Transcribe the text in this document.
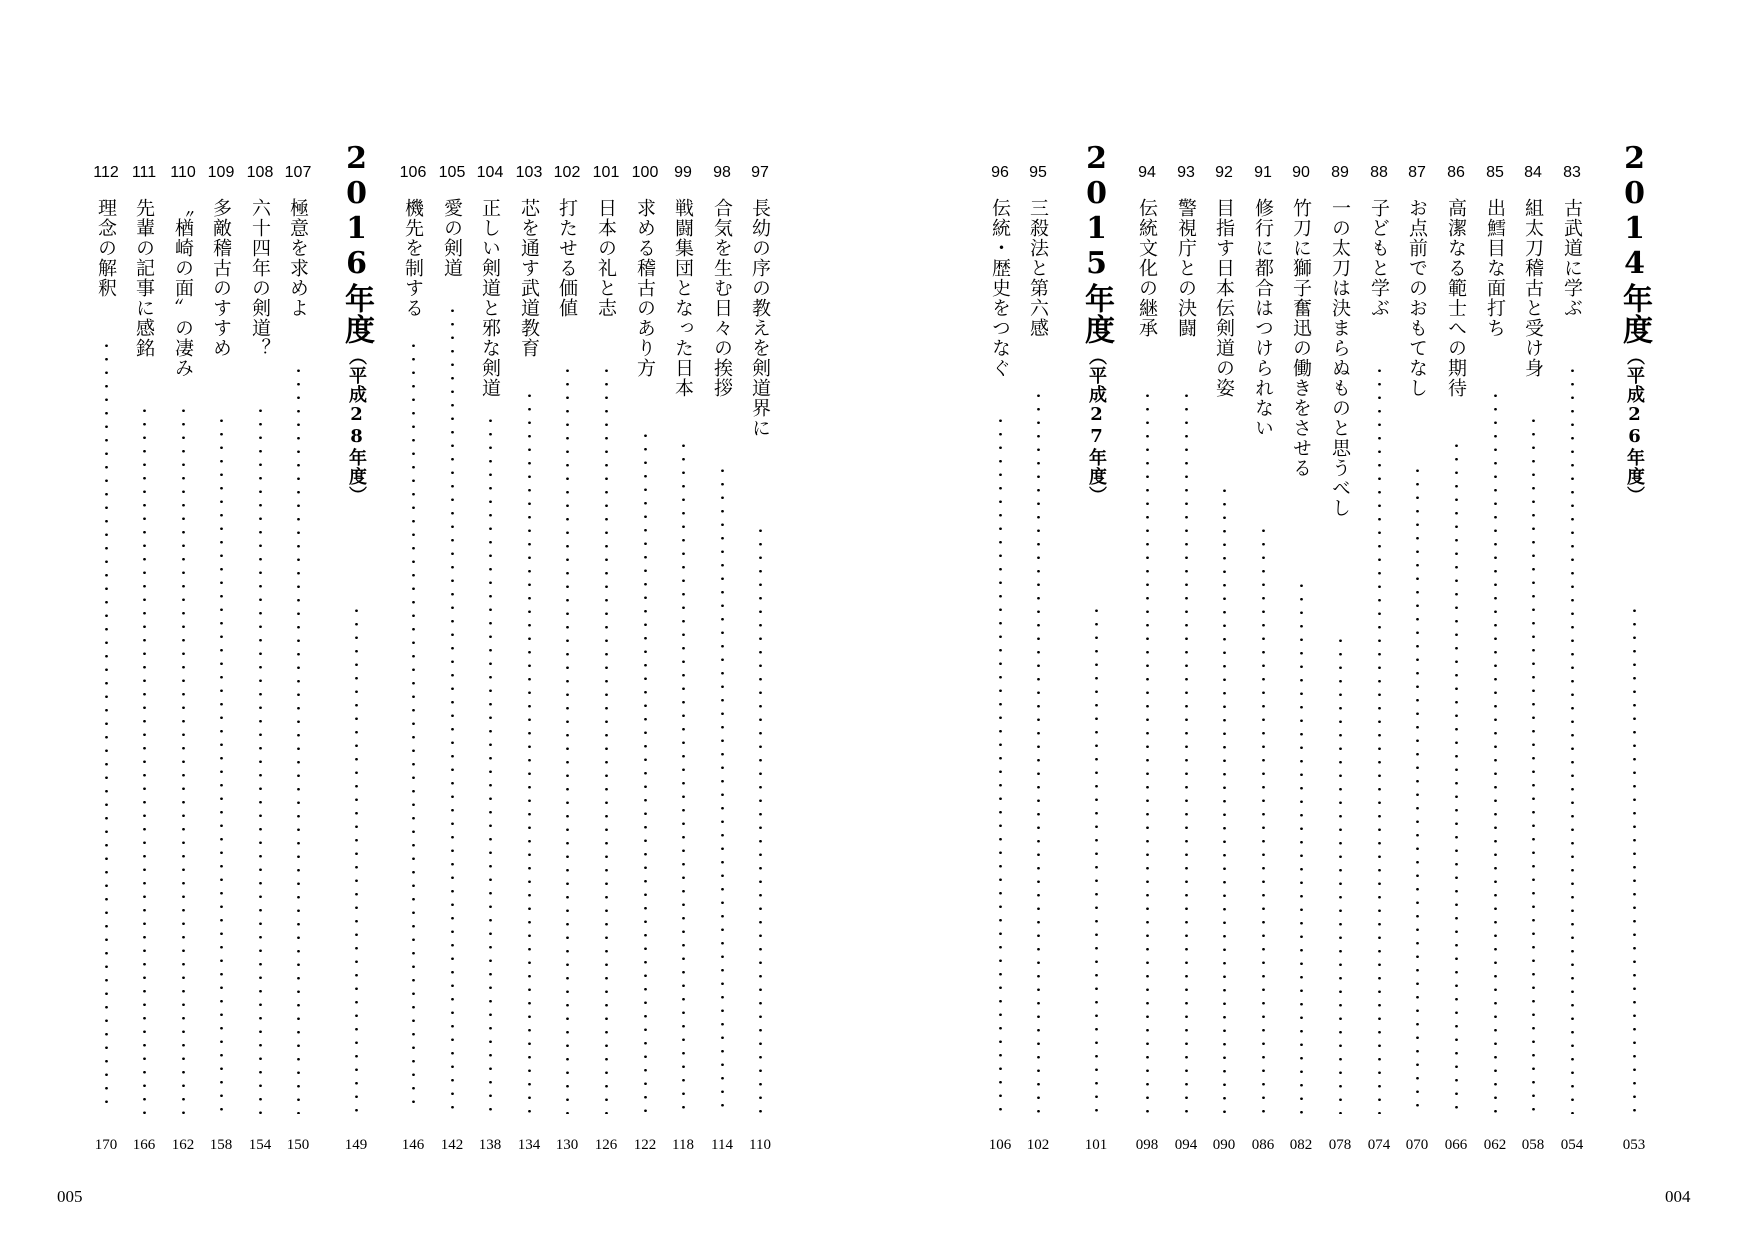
2014
年度
（平成26年度）
053
83
古武道に学ぶ
054
84
組太刀稽古と受け身
058
85
出鱈目な面打ち
062
86
高潔なる範士への期待
066
87
お点前でのおもてなし
070
88
子どもと学ぶ
074
89
一の太刀は決まらぬものと思うべし
078
90
竹刀に獅子奮迅の働きをさせる
082
91
修行に都合はつけられない
086
92
目指す日本伝剣道の姿
090
93
警視庁との決闘
094
94
伝統文化の継承
098
2015
年度
（平成27年度）
101
95
三殺法と第六感
102
96
伝統・歴史をつなぐ
106
004
97
長幼の序の教えを剣道界に
110
98
合気を生む日々の挨拶
114
99
戦闘集団となった日本
118
100
求める稽古のあり方
122
101
日本の礼と志
126
102
打たせる価値
130
103
芯を通す武道教育
134
104
正しい剣道と邪な剣道
138
105
愛の剣道
142
106
機先を制する
146
2016
年度
（平成28年度）
149
107
極意を求めよ
150
108
六十四年の剣道？
154
109
多敵稽古のすすめ
158
110
〝楢崎の面〟の凄み
162
111
先輩の記事に感銘
166
112
理念の解釈
170
005
